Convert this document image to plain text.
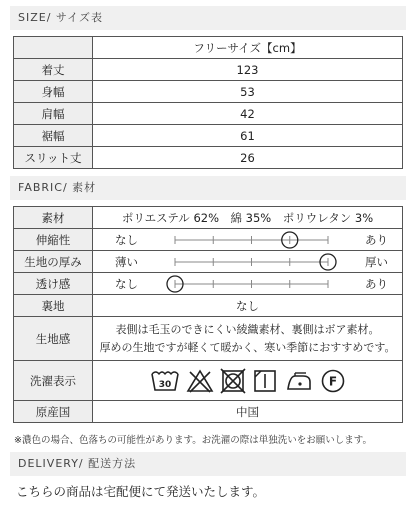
SIZE/ サイズ表
	フリーサイズ【cm】
着丈	123
身幅	53
肩幅	42
裾幅	61
スリット丈	26
FABRIC/ 素材
素材	ポリエステル 62%　綿 35%　ポリウレタン 3%
伸縮性	なし あり

生地の厚み	薄い 厚い

透け感	なし あり

裏地	なし
生地感	表側は毛玉のできにくい綾織素材、裏側はボア素材。
厚めの生地ですが軽くて暖かく、寒い季節におすすめです。

洗濯表示	30 F

原産国	中国
※濃色の場合、色落ちの可能性があります。お洗濯の際は単独洗いをお願いします。
DELIVERY/ 配送方法
こちらの商品は宅配便にて発送いたします。
